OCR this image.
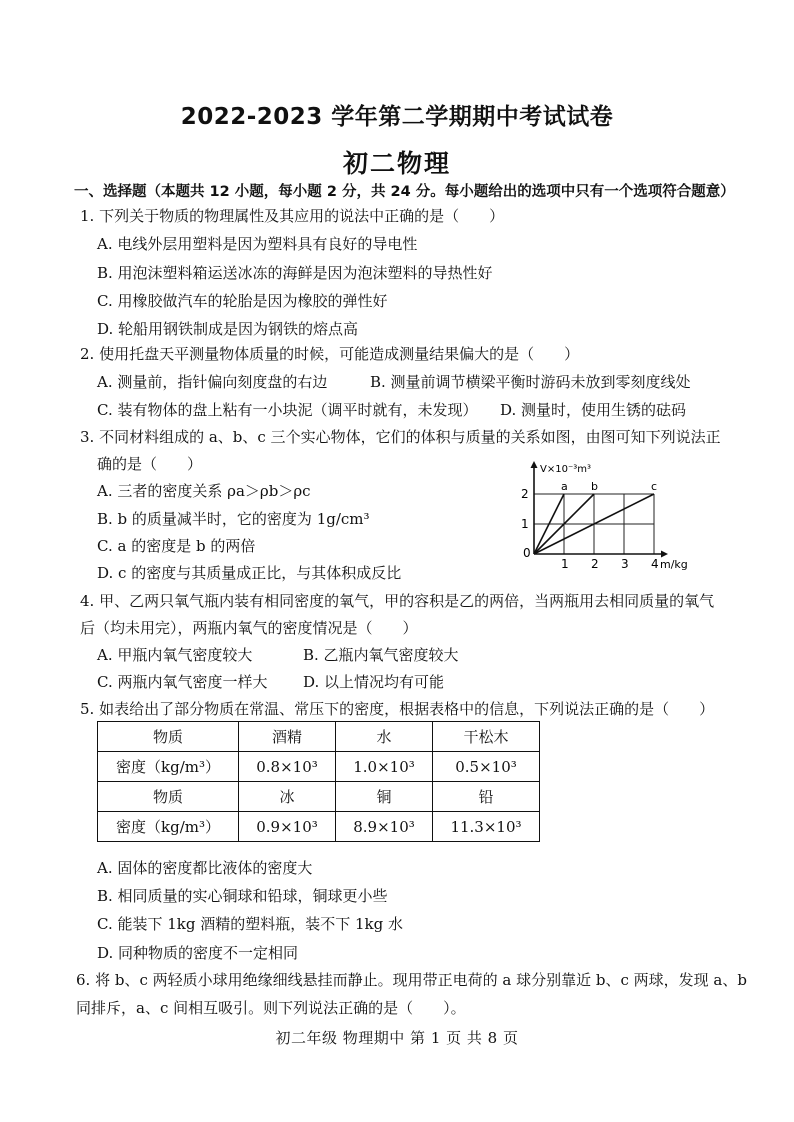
2022-2023 学年第二学期期中考试试卷
初二物理
一、选择题（本题共 12 小题，每小题 2 分，共 24 分。每小题给出的选项中只有一个选项符合题意）
1. 下列关于物质的物理属性及其应用的说法中正确的是（　　）
A. 电线外层用塑料是因为塑料具有良好的导电性
B. 用泡沫塑料箱运送冰冻的海鲜是因为泡沫塑料的导热性好
C. 用橡胶做汽车的轮胎是因为橡胶的弹性好
D. 轮船用钢铁制成是因为钢铁的熔点高
2. 使用托盘天平测量物体质量的时候，可能造成测量结果偏大的是（　　）
A. 测量前，指针偏向刻度盘的右边	B. 测量前调节横梁平衡时游码未放到零刻度线处
C. 装有物体的盘上粘有一小块泥（调平时就有，未发现） D. 测量时，使用生锈的砝码
3. 不同材料组成的 a、b、c 三个实心物体，它们的体积与质量的关系如图，由图可知下列说法正
确的是（　　）
A. 三者的密度关系 ρa＞ρb＞ρc
B. b 的质量减半时，它的密度为 1g/cm³
C. a 的密度是 b 的两倍
D. c 的密度与其质量成正比，与其体积成反比
V×10⁻³m³
m/kg
0
1 2 3 4
1
2
a b	c
4. 甲、乙两只氧气瓶内装有相同密度的氧气，甲的容积是乙的两倍，当两瓶用去相同质量的氧气
后（均未用完），两瓶内氧气的密度情况是（　　）
A. 甲瓶内氧气密度较大	B. 乙瓶内氧气密度较大
C. 两瓶内氧气密度一样大 D. 以上情况均有可能
5. 如表给出了部分物质在常温、常压下的密度，根据表格中的信息，下列说法正确的是（　　）
物质	酒精	水	干松木
密度（kg/m³）	0.8×10³	1.0×10³	0.5×10³
物质	冰	铜	铅
密度（kg/m³）	0.9×10³	8.9×10³	11.3×10³
A. 固体的密度都比液体的密度大
B. 相同质量的实心铜球和铅球，铜球更小些
C. 能装下 1kg 酒精的塑料瓶，装不下 1kg 水
D. 同种物质的密度不一定相同
6. 将 b、c 两轻质小球用绝缘细线悬挂而静止。现用带正电荷的 a 球分别靠近 b、c 两球，发现 a、b
同排斥，a、c 间相互吸引。则下列说法正确的是（　　）。
初二年级 物理期中 第 1 页 共 8 页
